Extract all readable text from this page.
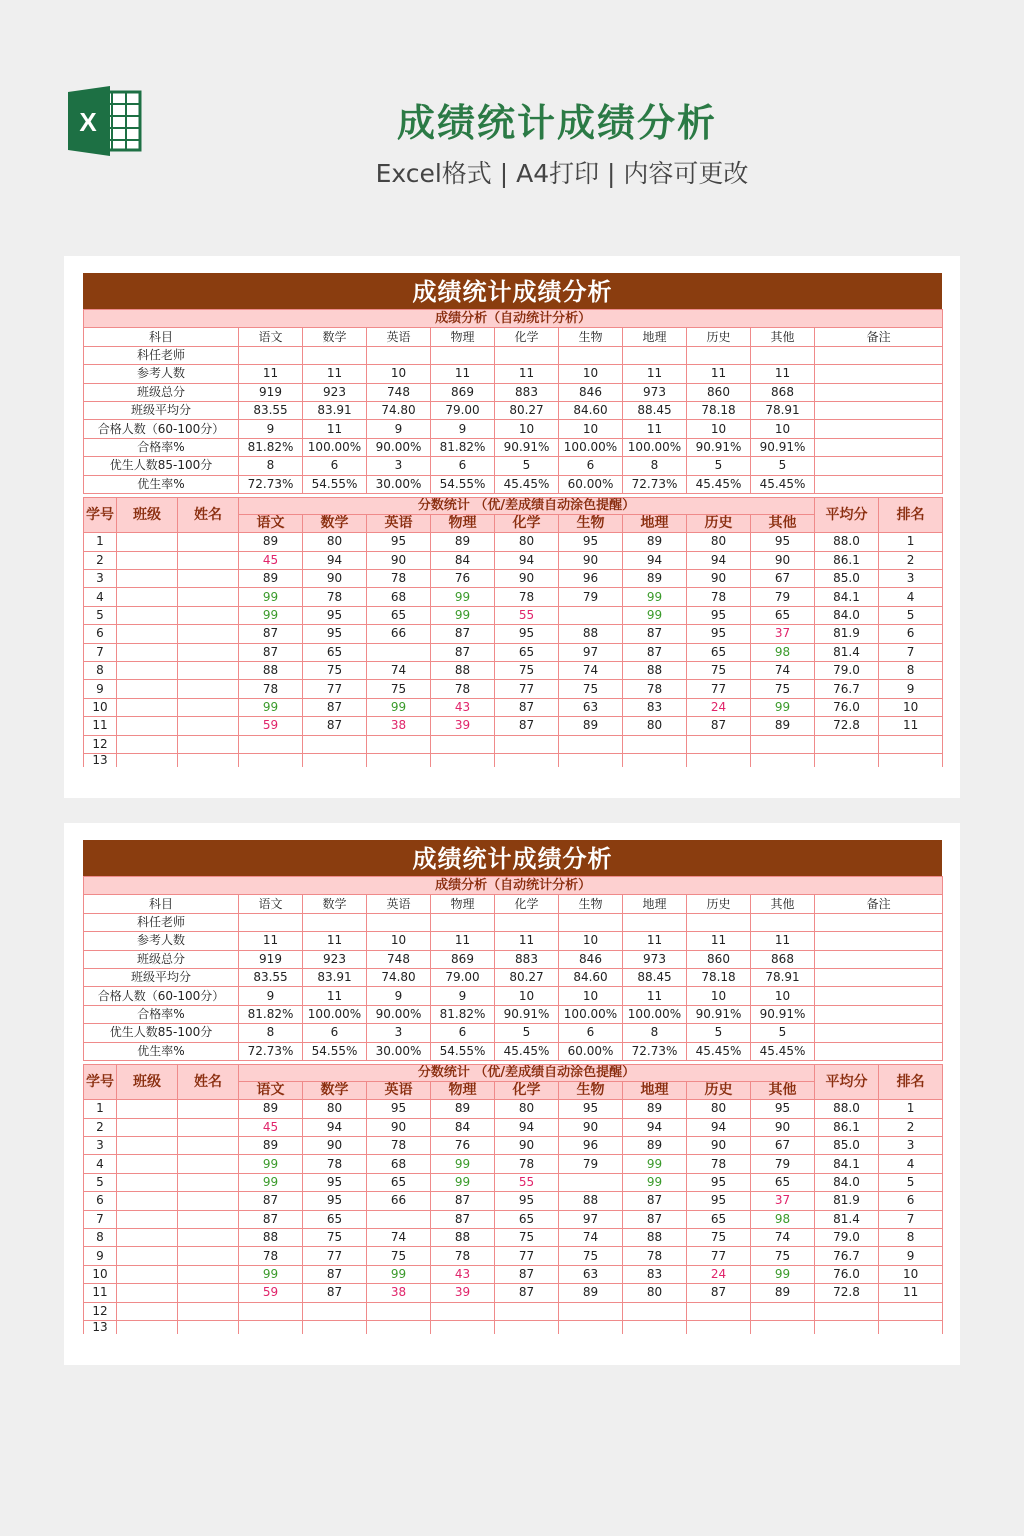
X	成绩统计成绩分析
Excel格式 | A4打印 | 内容可更改
成绩统计成绩分析
成绩分析（自动统计分析）													
科目			语文	数学	英语	物理	化学	生物	地理	历史	其他	备注	
科任老师													
参考人数			11	11	10	11	11	10	11	11	11		
班级总分			919	923	748	869	883	846	973	860	868		
班级平均分			83.55	83.91	74.80	79.00	80.27	84.60	88.45	78.18	78.91		
合格人数（60-100分）			9	11	9	9	10	10	11	10	10		
合格率%			81.82%	100.00%	90.00%	81.82%	90.91%	100.00%	100.00%	90.91%	90.91%		
优生人数85-100分			8	6	3	6	5	6	8	5	5		
优生率%			72.73%	54.55%	30.00%	54.55%	45.45%	60.00%	72.73%	45.45%	45.45%		

学号	班级	姓名	分数统计 （优/差成绩自动涂色提醒）									平均分	排名
			语文	数学	英语	物理	化学	生物	地理	历史	其他		
1			89	80	95	89	80	95	89	80	95	88.0	1
2			45	94	90	84	94	90	94	94	90	86.1	2
3			89	90	78	76	90	96	89	90	67	85.0	3
4			99	78	68	99	78	79	99	78	79	84.1	4
5			99	95	65	99	55		99	95	65	84.0	5
6			87	95	66	87	95	88	87	95	37	81.9	6
7			87	65		87	65	97	87	65	98	81.4	7
8			88	75	74	88	75	74	88	75	74	79.0	8
9			78	77	75	78	77	75	78	77	75	76.7	9
10			99	87	99	43	87	63	83	24	99	76.0	10
11			59	87	38	39	87	89	80	87	89	72.8	11
12													
13													
成绩统计成绩分析
成绩分析（自动统计分析）													
科目			语文	数学	英语	物理	化学	生物	地理	历史	其他	备注	
科任老师													
参考人数			11	11	10	11	11	10	11	11	11		
班级总分			919	923	748	869	883	846	973	860	868		
班级平均分			83.55	83.91	74.80	79.00	80.27	84.60	88.45	78.18	78.91		
合格人数（60-100分）			9	11	9	9	10	10	11	10	10		
合格率%			81.82%	100.00%	90.00%	81.82%	90.91%	100.00%	100.00%	90.91%	90.91%		
优生人数85-100分			8	6	3	6	5	6	8	5	5		
优生率%			72.73%	54.55%	30.00%	54.55%	45.45%	60.00%	72.73%	45.45%	45.45%		

学号	班级	姓名	分数统计 （优/差成绩自动涂色提醒）									平均分	排名
			语文	数学	英语	物理	化学	生物	地理	历史	其他		
1			89	80	95	89	80	95	89	80	95	88.0	1
2			45	94	90	84	94	90	94	94	90	86.1	2
3			89	90	78	76	90	96	89	90	67	85.0	3
4			99	78	68	99	78	79	99	78	79	84.1	4
5			99	95	65	99	55		99	95	65	84.0	5
6			87	95	66	87	95	88	87	95	37	81.9	6
7			87	65		87	65	97	87	65	98	81.4	7
8			88	75	74	88	75	74	88	75	74	79.0	8
9			78	77	75	78	77	75	78	77	75	76.7	9
10			99	87	99	43	87	63	83	24	99	76.0	10
11			59	87	38	39	87	89	80	87	89	72.8	11
12													
13													
